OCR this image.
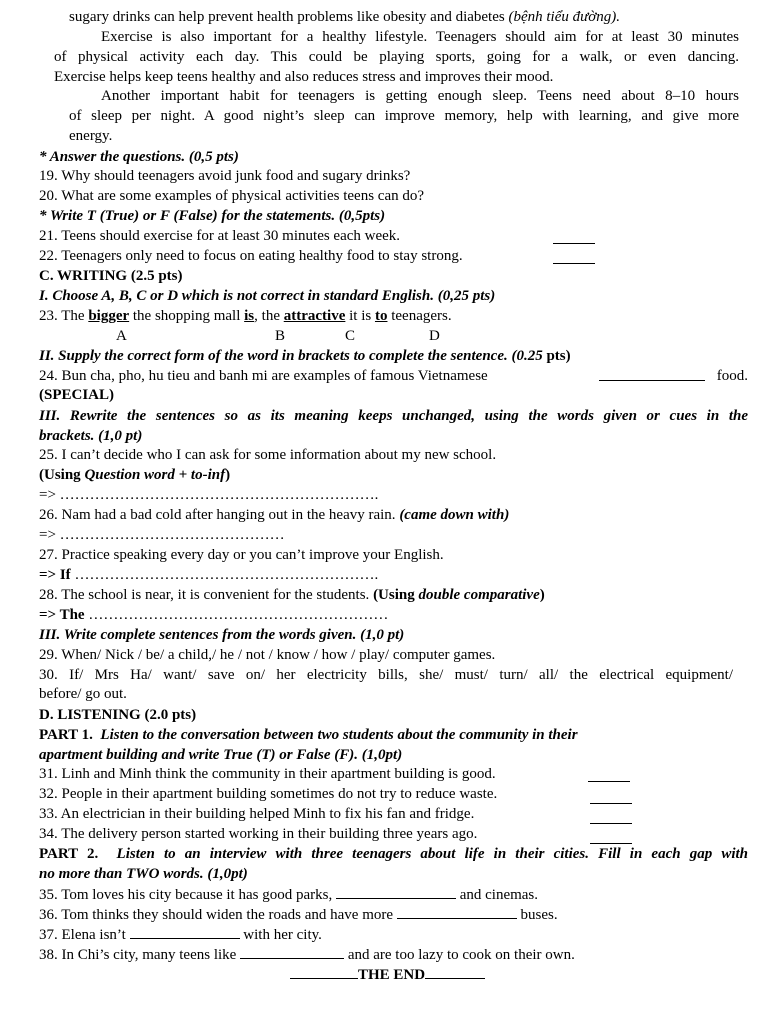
sugary drinks can help prevent health problems like obesity and diabetes (bệnh tiểu đường).
Exercise is also important for a healthy lifestyle. Teenagers should aim for at least 30 minutes
of physical activity each day. This could be playing sports, going for a walk, or even dancing.
Exercise helps keep teens healthy and also reduces stress and improves their mood.
Another important habit for teenagers is getting enough sleep. Teens need about 8–10 hours
of sleep per night. A good night’s sleep can improve memory, help with learning, and give more
energy.
* Answer the questions. (0,5 pts)
19. Why should teenagers avoid junk food and sugary drinks?
20. What are some examples of physical activities teens can do?
* Write T (True) or F (False) for the statements. (0,5pts)
21. Teens should exercise for at least 30 minutes each week.
22. Teenagers only need to focus on eating healthy food to stay strong.
C. WRITING (2.5 pts)
I. Choose A, B, C or D which is not correct in standard English. (0,25 pts)
23. The bigger the shopping mall is, the attractive it is to teenagers.
A	B	C	D
II. Supply the correct form of the word in brackets to complete the sentence. (0.25 pts)
24. Bun cha, pho, hu tieu and banh mi are examples of famous Vietnamese	food.
(SPECIAL)
III. Rewrite the sentences so as its meaning keeps unchanged, using the words given or cues in the
brackets. (1,0 pt)
25. I can’t decide who I can ask for some information about my new school.
(Using Question word + to-inf)
=> ……………………………………………………….
26. Nam had a bad cold after hanging out in the heavy rain. (came down with)
=> ………………………………………
27. Practice speaking every day or you can’t improve your English.
=> If …………………………………………………….
28. The school is near, it is convenient for the students. (Using double comparative)
=> The ……………………………………………………
III. Write complete sentences from the words given. (1,0 pt)
29. When/ Nick / be/ a child,/ he / not / know / how / play/ computer games.
30. If/ Mrs Ha/ want/ save on/ her electricity bills, she/ must/ turn/ all/ the electrical equipment/
before/ go out.
D. LISTENING (2.0 pts)
PART 1. Listen to the conversation between two students about the community in their
apartment building and write True (T) or False (F). (1,0pt)
31. Linh and Minh think the community in their apartment building is good.
32. People in their apartment building sometimes do not try to reduce waste.
33. An electrician in their building helped Minh to fix his fan and fridge.
34. The delivery person started working in their building three years ago.
PART 2. Listen to an interview with three teenagers about life in their cities. Fill in each gap with
no more than TWO words. (1,0pt)
35. Tom loves his city because it has good parks,	and cinemas.
36. Tom thinks they should widen the roads and have more	buses.
37. Elena isn’t	with her city.
38. In Chi’s city, many teens like	and are too lazy to cook on their own.
THE END
